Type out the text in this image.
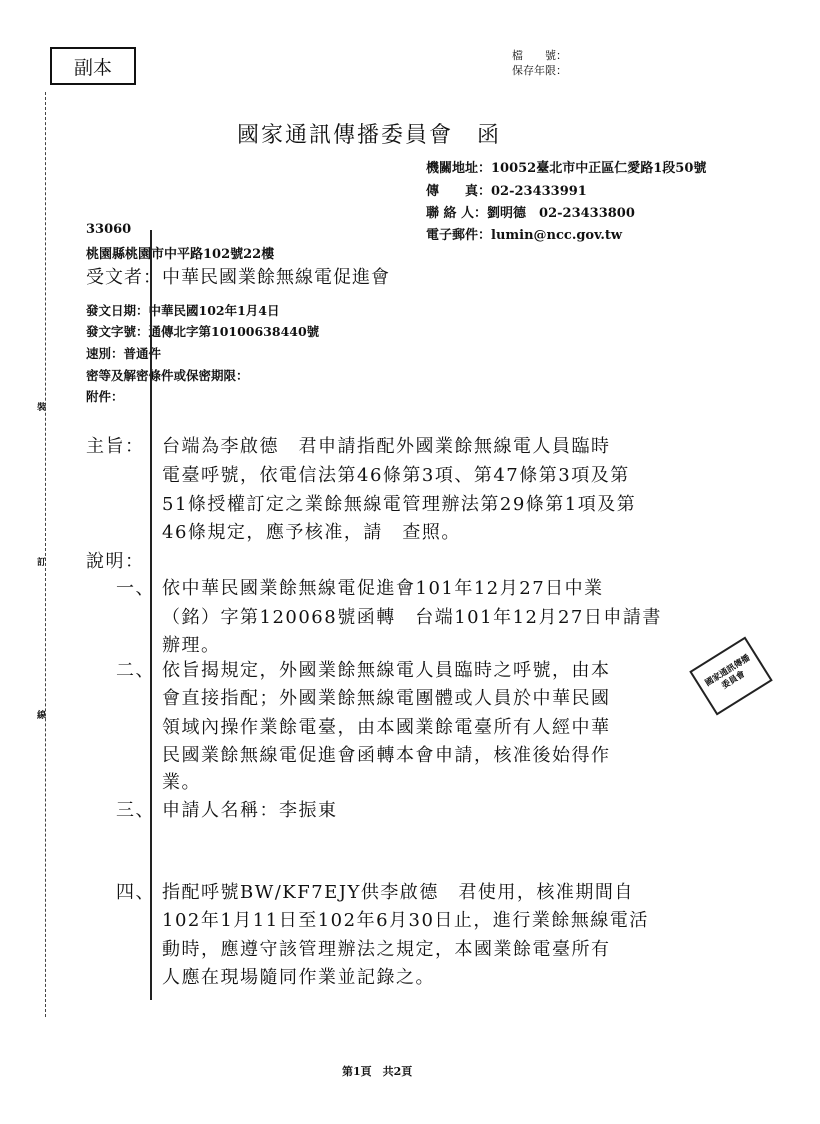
副本
檔　　號：
保存年限：
國家通訊傳播委員會　函
機關地址：10052臺北市中正區仁愛路1段50號
傳　　真：02-23433991
聯 絡 人：劉明德　02-23433800
電子郵件：lumin@ncc.gov.tw
33060
桃園縣桃園市中平路102號22樓
受文者：中華民國業餘無線電促進會
發文日期：中華民國102年1月4日
發文字號：通傳北字第10100638440號
速別：普通件
密等及解密條件或保密期限：
附件：
裝
訂
線
主旨： 台端為李啟德　君申請指配外國業餘無線電人員臨時
電臺呼號，依電信法第46條第3項、第47條第3項及第
51條授權訂定之業餘無線電管理辦法第29條第1項及第
46條規定，應予核准，請　查照。
說明：
一、 依中華民國業餘無線電促進會101年12月27日中業
（銘）字第120068號函轉　台端101年12月27日申請書
辦理。
二、 依旨揭規定，外國業餘無線電人員臨時之呼號，由本
會直接指配；外國業餘無線電團體或人員於中華民國
領域內操作業餘電臺，由本國業餘電臺所有人經中華
民國業餘無線電促進會函轉本會申請，核准後始得作
業。
三、 申請人名稱：李振東
四、 指配呼號BW/KF7EJY供李啟德　君使用，核准期間自
102年1月11日至102年6月30日止，進行業餘無線電活
動時，應遵守該管理辦法之規定，本國業餘電臺所有
人應在現場隨同作業並記錄之。
國家通訊傳播委員會
第1頁　共2頁
